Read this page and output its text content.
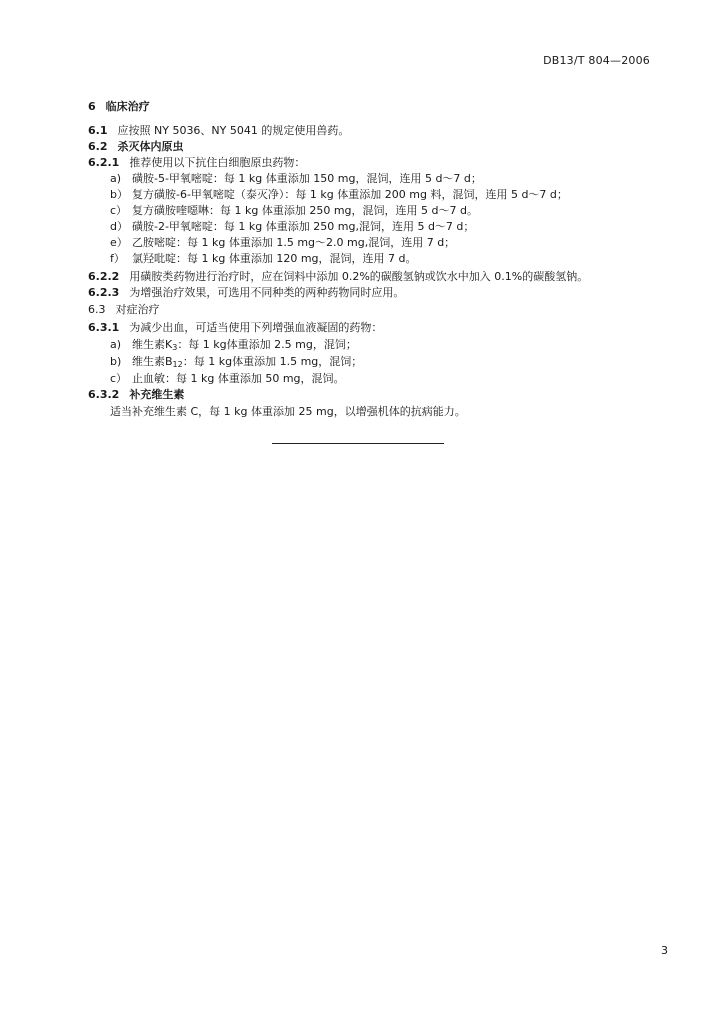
DB13/T 804—2006
6 临床治疗
6.1 应按照 NY 5036、NY 5041 的规定使用兽药。
6.2 杀灭体内原虫
6.2.1 推荐使用以下抗住白细胞原虫药物：
a) 磺胺-5-甲氧嘧啶：每 1 kg 体重添加 150 mg，混饲，连用 5 d～7 d；
b） 复方磺胺-6-甲氧嘧啶（泰灭净）：每 1 kg 体重添加 200 mg 料，混饲，连用 5 d～7 d；
c） 复方磺胺喹噁啉：每 1 kg 体重添加 250 mg，混饲，连用 5 d～7 d。
d） 磺胺-2-甲氧嘧啶：每 1 kg 体重添加 250 mg,混饲，连用 5 d～7 d；
e） 乙胺嘧啶：每 1 kg 体重添加 1.5 mg～2.0 mg,混饲，连用 7 d；
f） 氯羟吡啶：每 1 kg 体重添加 120 mg，混饲，连用 7 d。
6.2.2 用磺胺类药物进行治疗时，应在饲料中添加 0.2%的碳酸氢钠或饮水中加入 0.1%的碳酸氢钠。
6.2.3 为增强治疗效果，可选用不同种类的两种药物同时应用。
6.3 对症治疗
6.3.1 为减少出血，可适当使用下列增强血液凝固的药物：
a) 维生素$K_3$：每 1 kg体重添加 2.5 mg，混饲；
b) 维生素$B_{12}$：每 1 kg体重添加 1.5 mg，混饲；
c） 止血敏：每 1 kg 体重添加 50 mg，混饲。
6.3.2 补充维生素
适当补充维生素 C，每 1 kg 体重添加 25 mg，以增强机体的抗病能力。
3
